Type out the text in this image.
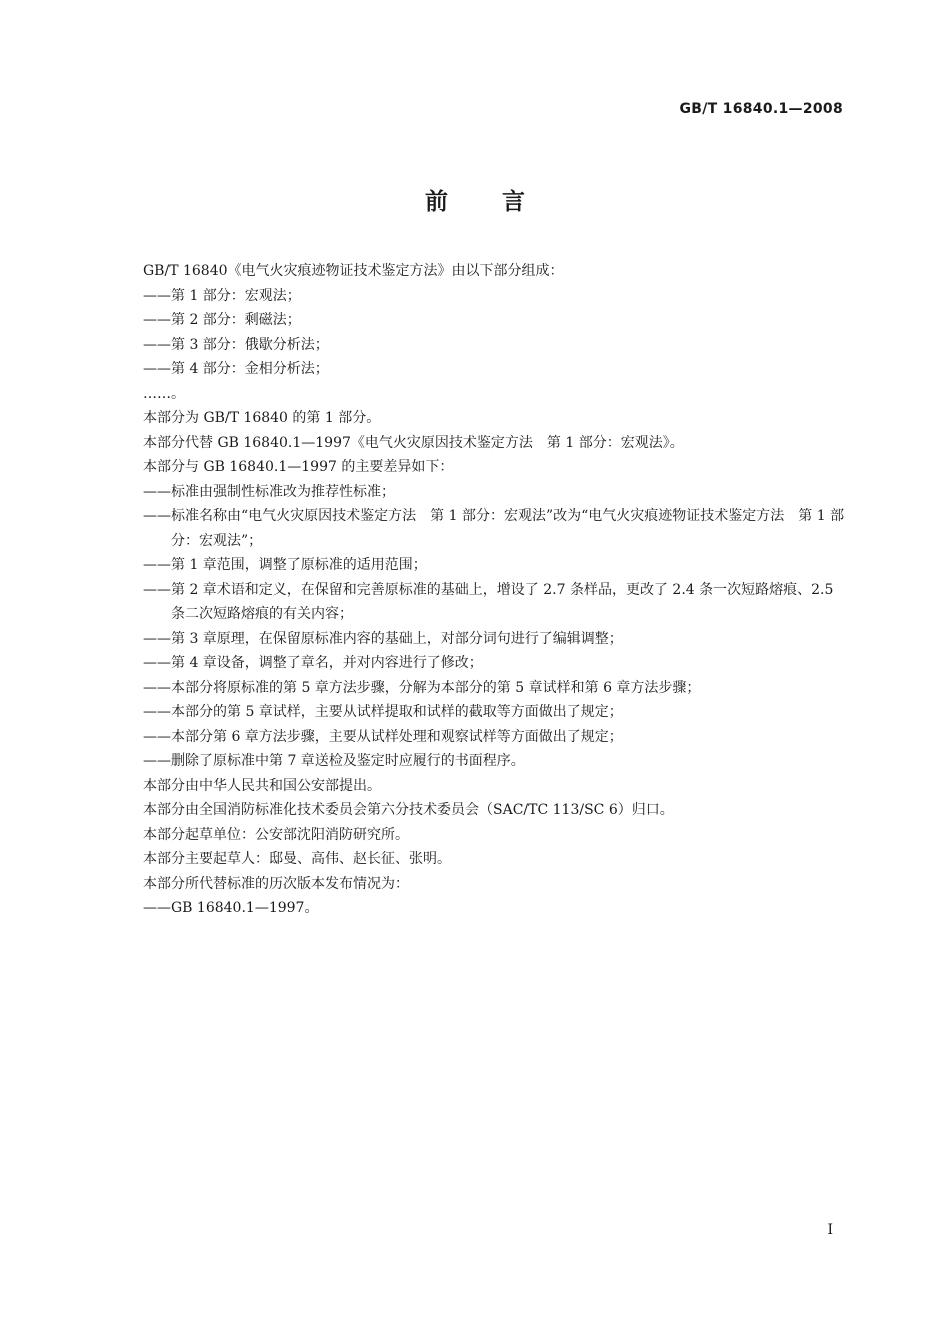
GB/T 16840.1—2008
前言
GB/T 16840《电气火灾痕迹物证技术鉴定方法》由以下部分组成：
——第 1 部分：宏观法；
——第 2 部分：剩磁法；
——第 3 部分：俄歇分析法；
——第 4 部分：金相分析法；
……。
本部分为 GB/T 16840 的第 1 部分。
本部分代替 GB 16840.1—1997《电气火灾原因技术鉴定方法　第 1 部分：宏观法》。
本部分与 GB 16840.1—1997 的主要差异如下：
——标准由强制性标准改为推荐性标准；
——标准名称由“电气火灾原因技术鉴定方法　第 1 部分：宏观法”改为“电气火灾痕迹物证技术鉴定方法　第 1 部分：宏观法”；
——第 1 章范围，调整了原标准的适用范围；
——第 2 章术语和定义，在保留和完善原标准的基础上，增设了 2.7 条样品，更改了 2.4 条一次短路熔痕、2.5 条二次短路熔痕的有关内容；
——第 3 章原理，在保留原标准内容的基础上，对部分词句进行了编辑调整；
——第 4 章设备，调整了章名，并对内容进行了修改；
——本部分将原标准的第 5 章方法步骤，分解为本部分的第 5 章试样和第 6 章方法步骤；
——本部分的第 5 章试样，主要从试样提取和试样的截取等方面做出了规定；
——本部分第 6 章方法步骤，主要从试样处理和观察试样等方面做出了规定；
——删除了原标准中第 7 章送检及鉴定时应履行的书面程序。
本部分由中华人民共和国公安部提出。
本部分由全国消防标准化技术委员会第六分技术委员会（SAC/TC 113/SC 6）归口。
本部分起草单位：公安部沈阳消防研究所。
本部分主要起草人：邸曼、高伟、赵长征、张明。
本部分所代替标准的历次版本发布情况为：
——GB 16840.1—1997。
I
